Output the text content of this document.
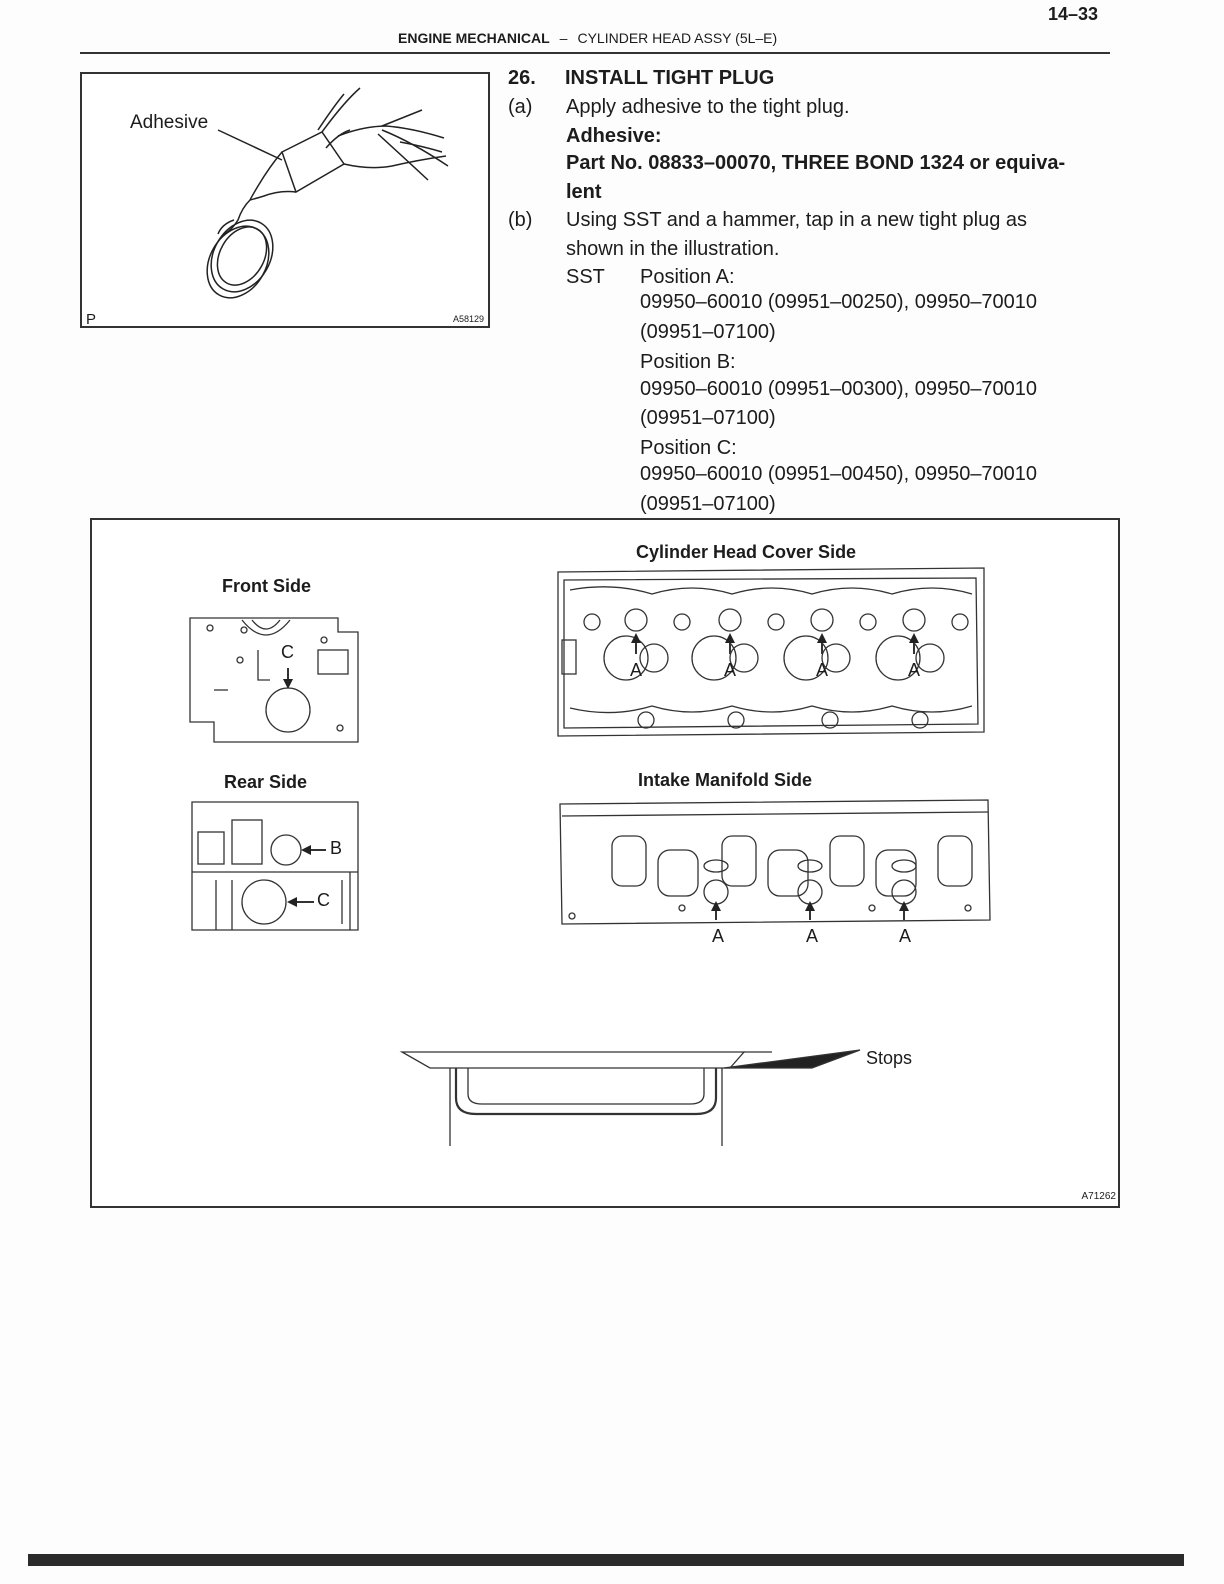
14–33
ENGINE MECHANICAL – CYLINDER HEAD ASSY (5L–E)
Adhesive
P	A58129
26. INSTALL TIGHT PLUG
(a) Apply adhesive to the tight plug.
Adhesive:
Part No. 08833–00070, THREE BOND 1324 or equiva-
lent
(b) Using SST and a hammer, tap in a new tight plug as
shown in the illustration.
SST Position A:
09950–60010 (09951–00250), 09950–70010
(09951–07100)
Position B:
09950–60010 (09951–00300), 09950–70010
(09951–07100)
Position C:
09950–60010 (09951–00450), 09950–70010
(09951–07100)
Front Side
Rear Side
Cylinder Head Cover Side
Intake Manifold Side
C
B
C
A	A	A	A
A	A	A
Stops
A71262
